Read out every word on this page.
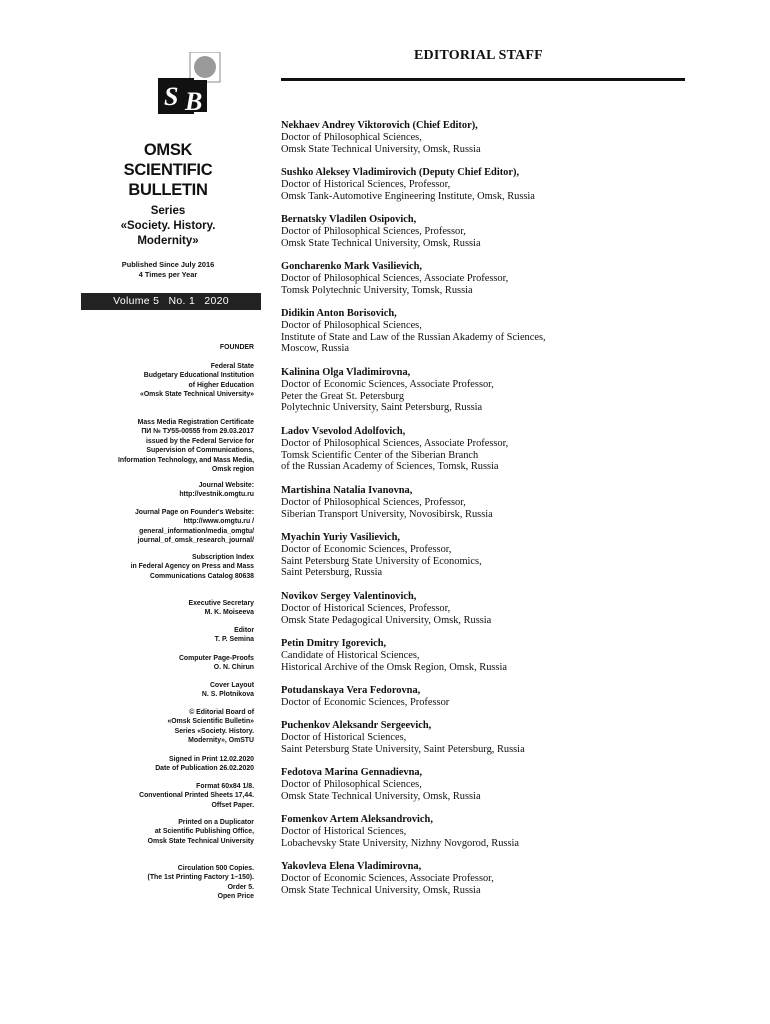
S B
OMSK
SCIENTIFIC
BULLETIN
Series
«Society. History.
Modernity»
Published Since July 2016
4 Times per Year
Volume 5 No. 1 2020
FOUNDER
Federal State
Budgetary Educational Institution
of Higher Education
«Omsk State Technical University»
Mass Media Registration Certificate
ПИ № ТУ55-00555 from 29.03.2017
issued by the Federal Service for
Supervision of Communications,
Information Technology, and Mass Media,
Omsk region
Journal Website:
http://vestnik.omgtu.ru
Journal Page on Founder's Website:
http://www.omgtu.ru /
general_information/media_omgtu/
journal_of_omsk_research_journal/
Subscription Index
in Federal Agency on Press and Mass
Communications Catalog 80638
Executive Secretary
M. K. Moiseeva
Editor
T. P. Semina
Computer Page-Proofs
O. N. Chirun
Cover Layout
N. S. Plotnikova
© Editorial Board of
«Omsk Scientific Bulletin»
Series «Society. History.
Modernity», OmSTU
Signed in Print 12.02.2020
Date of Publication 26.02.2020
Format 60x84 1/8.
Conventional Printed Sheets 17,44.
Offset Paper.
Printed on a Duplicator
at Scientific Publishing Office,
Omsk State Technical University
Circulation 500 Copies.
(The 1st Printing Factory 1–150).
Order 5.
Open Price
EDITORIAL STAFF
Nekhaev Andrey Viktorovich (Chief Editor),
Doctor of Philosophical Sciences,
Omsk State Technical University, Omsk, Russia
Sushko Aleksey Vladimirovich (Deputy Chief Editor),
Doctor of Historical Sciences, Professor,
Omsk Tank-Automotive Engineering Institute, Omsk, Russia
Bernatsky Vladilen Osipovich,
Doctor of Philosophical Sciences, Professor,
Omsk State Technical University, Omsk, Russia
Goncharenko Mark Vasilievich,
Doctor of Philosophical Sciences, Associate Professor,
Tomsk Polytechnic University, Tomsk, Russia
Didikin Anton Borisovich,
Doctor of Philosophical Sciences,
Institute of State and Law of the Russian Akademy of Sciences,
Moscow, Russia
Kalinina Olga Vladimirovna,
Doctor of Economic Sciences, Associate Professor,
Peter the Great St. Petersburg
Polytechnic University, Saint Petersburg, Russia
Ladov Vsevolod Adolfovich,
Doctor of Philosophical Sciences, Associate Professor,
Tomsk Scientific Center of the Siberian Branch
of the Russian Academy of Sciences, Tomsk, Russia
Martishina Natalia Ivanovna,
Doctor of Philosophical Sciences, Professor,
Siberian Transport University, Novosibirsk, Russia
Myachin Yuriy Vasilievich,
Doctor of Economic Sciences, Professor,
Saint Petersburg State University of Economics,
Saint Petersburg, Russia
Novikov Sergey Valentinovich,
Doctor of Historical Sciences, Professor,
Omsk State Pedagogical University, Omsk, Russia
Petin Dmitry Igorevich,
Candidate of Historical Sciences,
Historical Archive of the Omsk Region, Omsk, Russia
Potudanskaya Vera Fedorovna,
Doctor of Economic Sciences, Professor
Puchenkov Aleksandr Sergeevich,
Doctor of Historical Sciences,
Saint Petersburg State University, Saint Petersburg, Russia
Fedotova Marina Gennadievna,
Doctor of Philosophical Sciences,
Omsk State Technical University, Omsk, Russia
Fomenkov Artem Aleksandrovich,
Doctor of Historical Sciences,
Lobachevsky State University, Nizhny Novgorod, Russia
Yakovleva Elena Vladimirovna,
Doctor of Economic Sciences, Associate Professor,
Omsk State Technical University, Omsk, Russia
